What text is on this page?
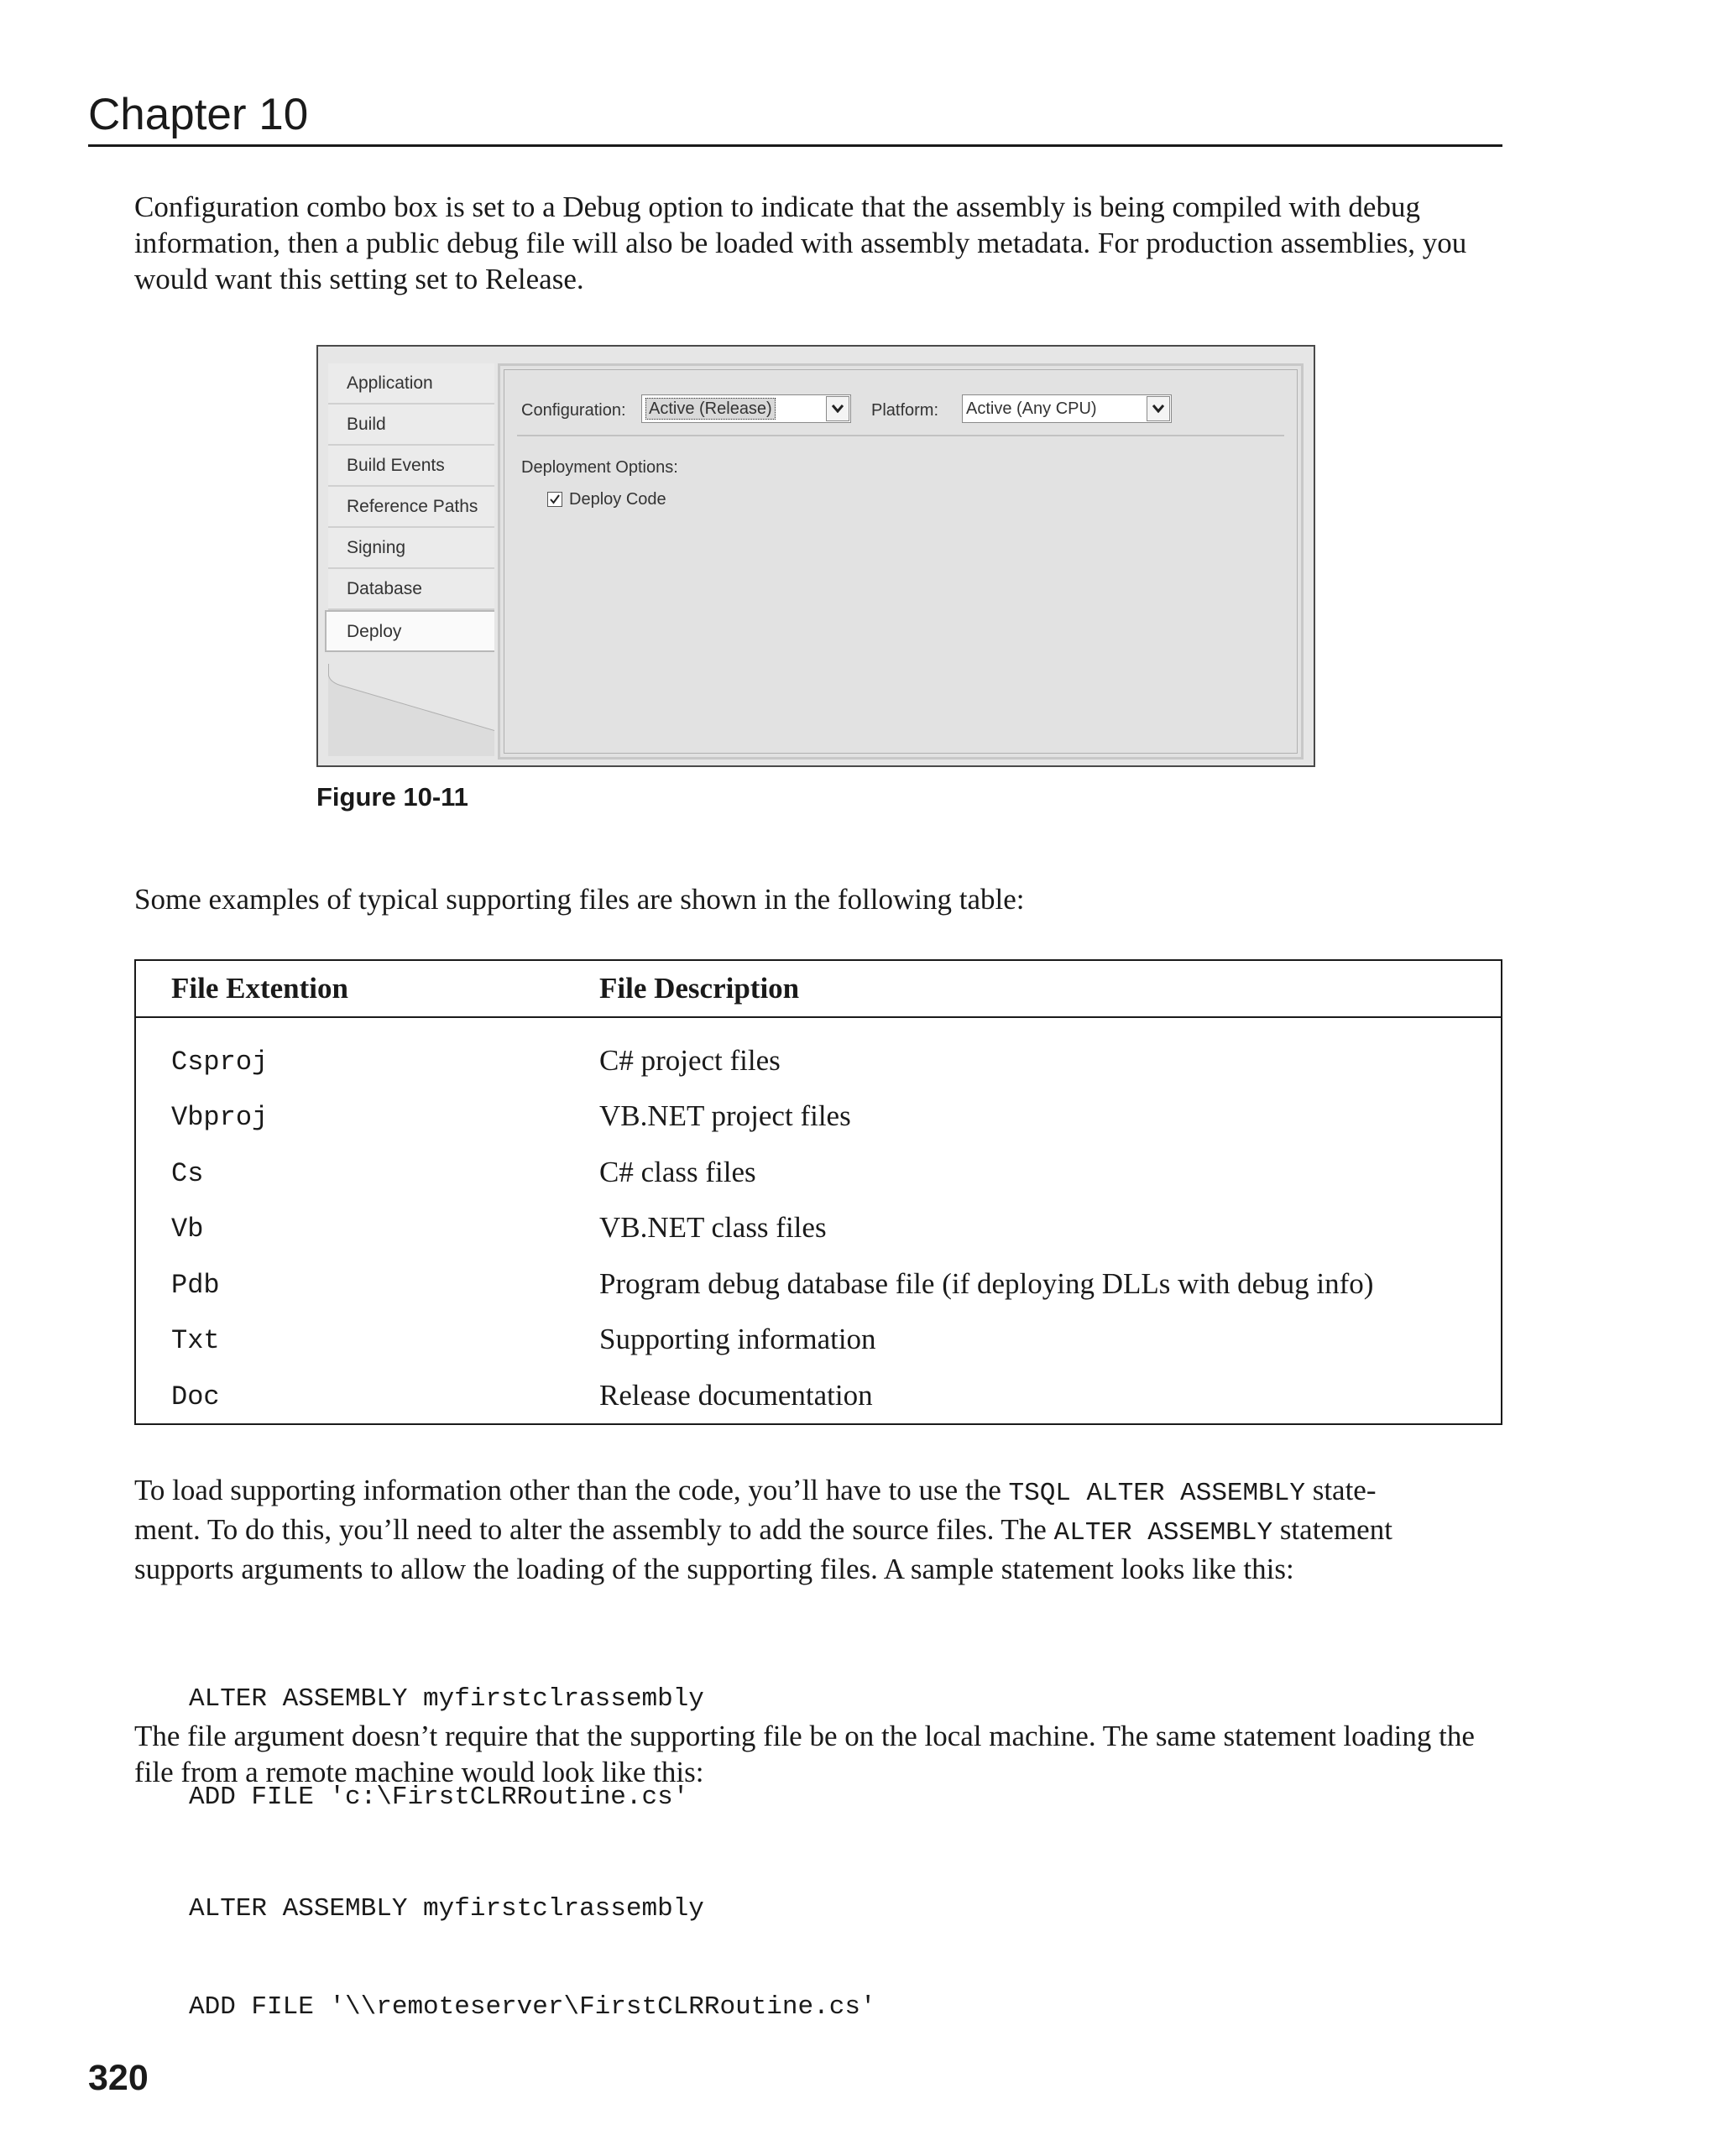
Chapter 10

Configuration combo box is set to a Debug option to indicate that the assembly is being compiled with debug information, then a public debug file will also be loaded with assembly metadata. For production assemblies, you would want this setting set to Release.

Application
Build
Build Events
Reference Paths
Signing
Database
Deploy
Configuration:	Active (Release)	Platform: Active (Any CPU)
Deployment Options:
Deploy Code
Figure 10-11

Some examples of typical supporting files are shown in the following table:

File Extention	File Description
Csproj	C# project files
Vbproj	VB.NET project files
Cs	C# class files
Vb	VB.NET class files
Pdb	Program debug database file (if deploying DLLs with debug info)
Txt	Supporting information
Doc	Release documentation
To load supporting information other than the code, you’ll have to use the TSQL ALTER ASSEMBLY state-
ment. To do this, you’ll need to alter the assembly to add the source files. The ALTER ASSEMBLY statement
supports arguments to allow the loading of the supporting files. A sample statement looks like this:

ALTER ASSEMBLY myfirstclrassembly

ADD FILE 'c:\FirstCLRRoutine.cs'

The file argument doesn’t require that the supporting file be on the local machine. The same statement loading the file from a remote machine would look like this:

ALTER ASSEMBLY myfirstclrassembly

ADD FILE '\\remoteserver\FirstCLRRoutine.cs'

320
